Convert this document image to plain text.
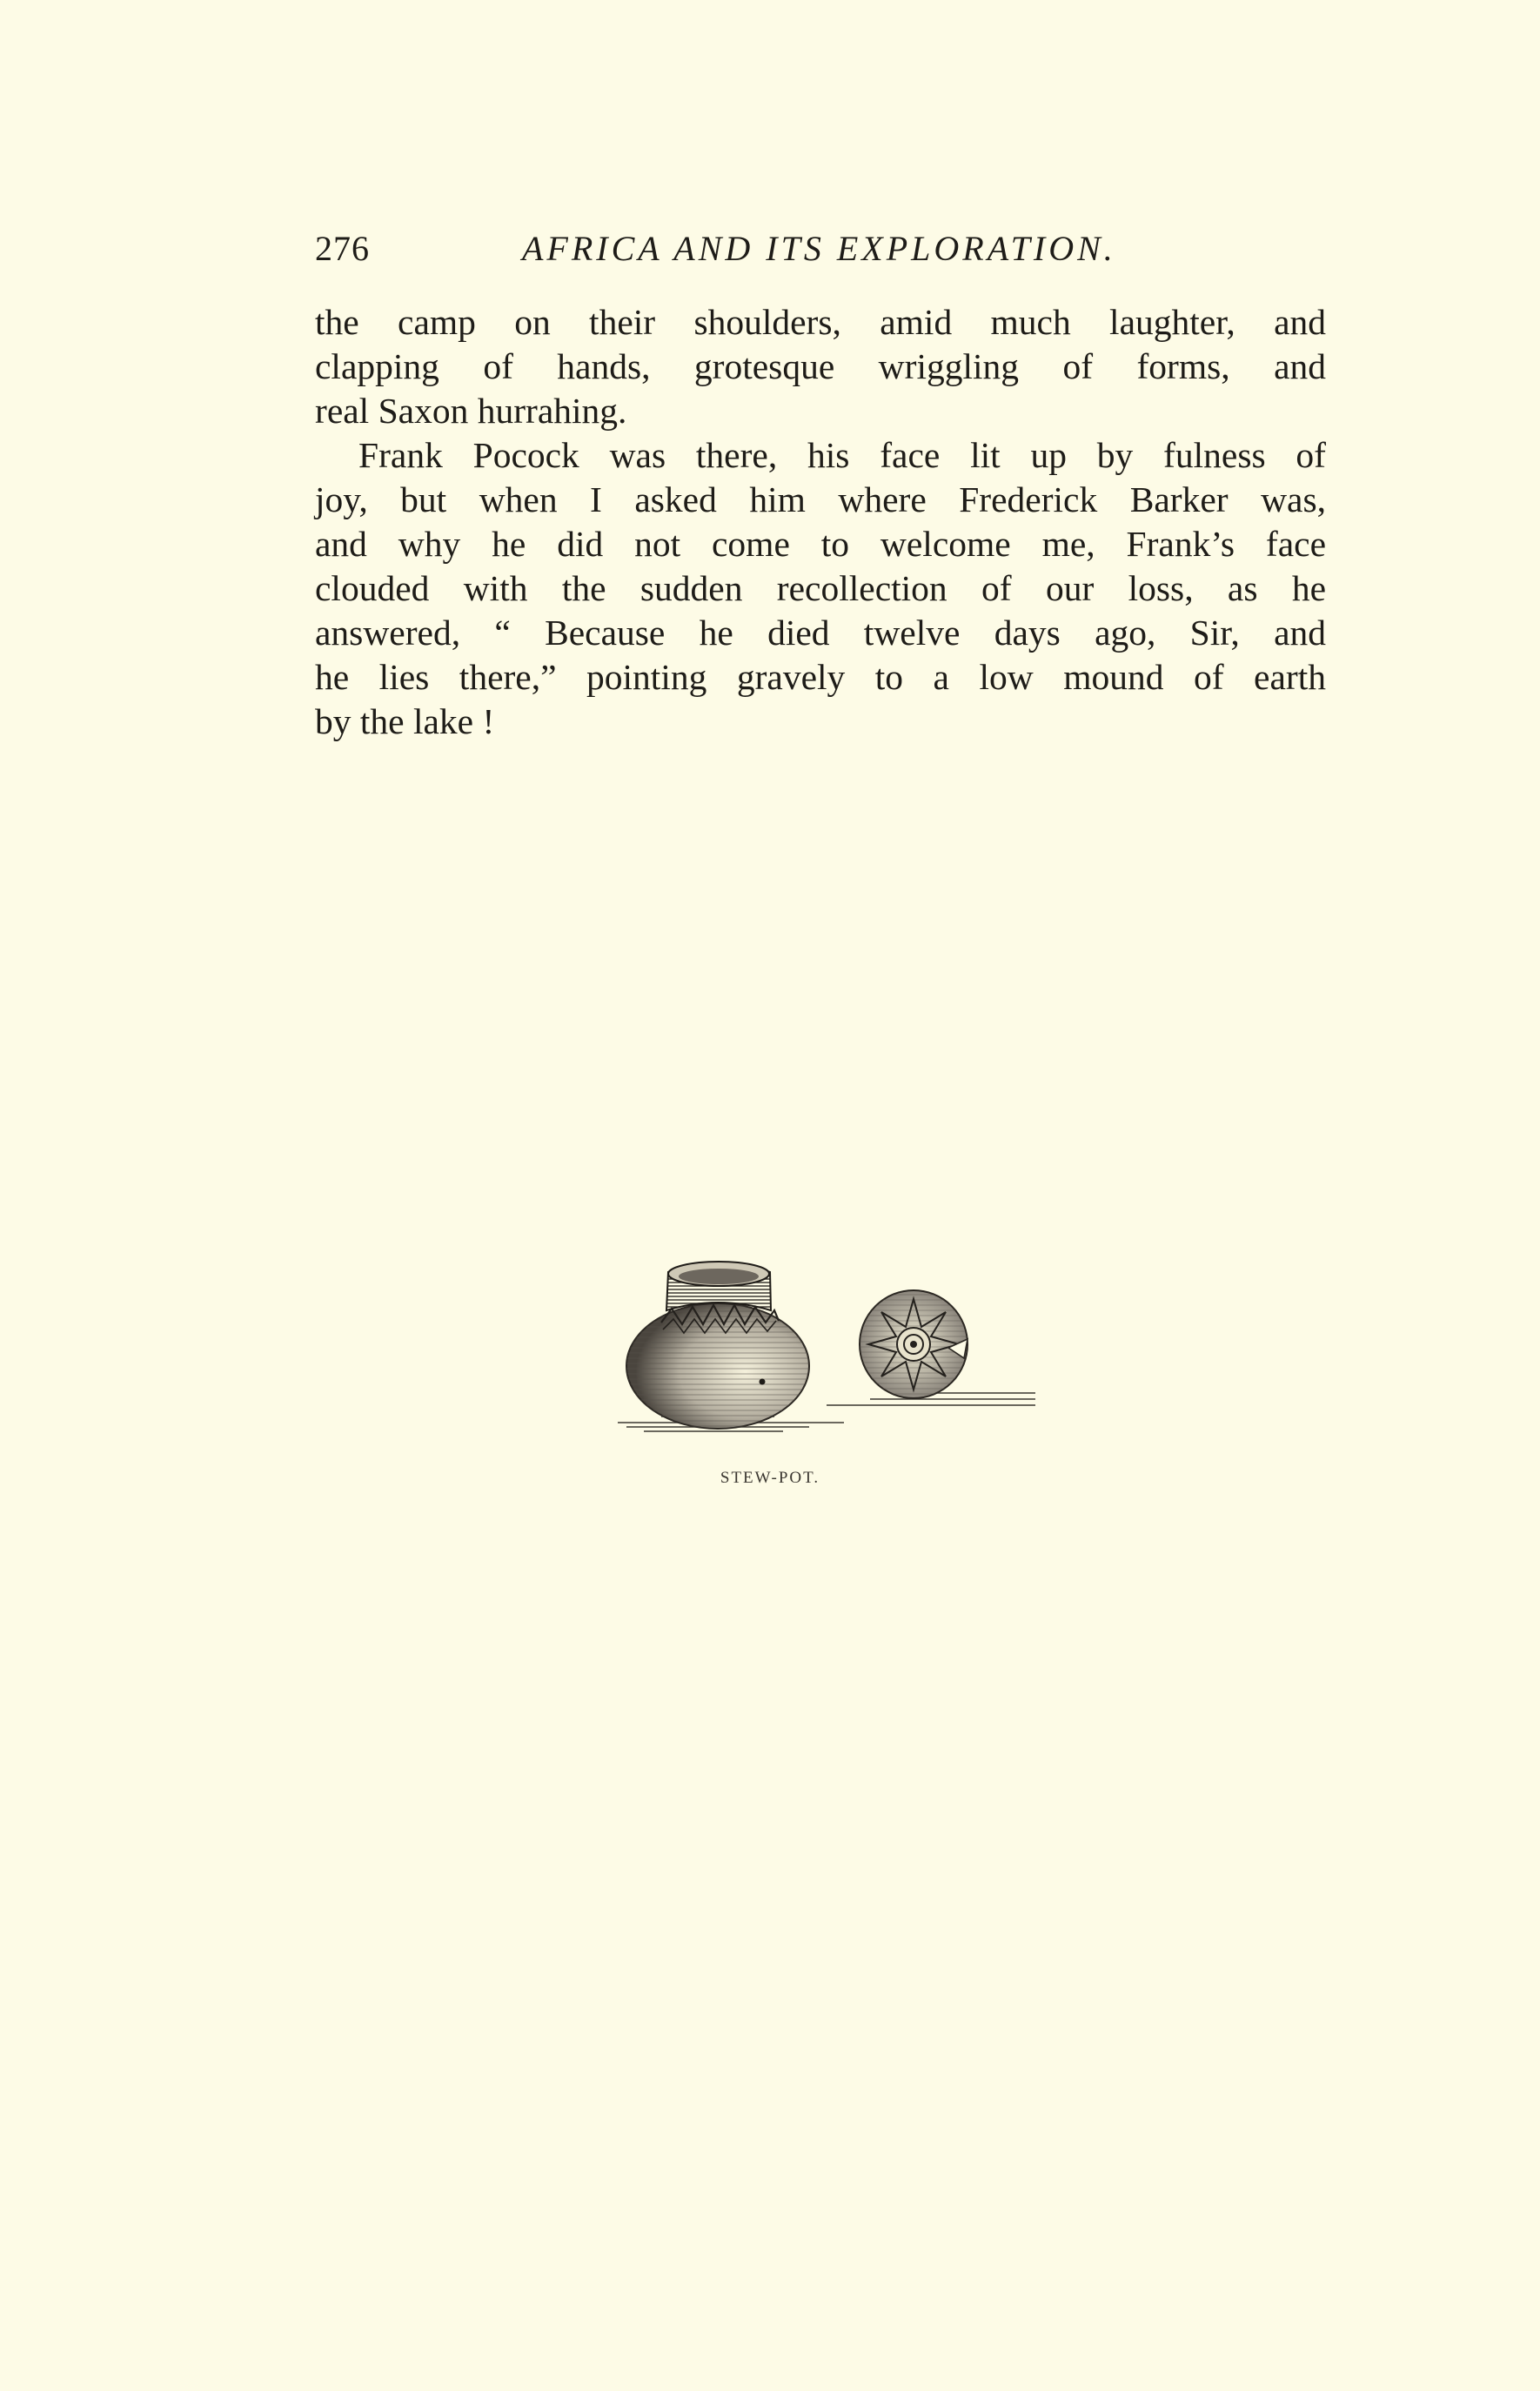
276	AFRICA AND ITS EXPLORATION.
the camp on their shoulders, amid much laughter, and
clapping of hands, grotesque wriggling of forms, and
real Saxon hurrahing.
Frank Pocock was there, his face lit up by fulness of
joy, but when I asked him where Frederick Barker was,
and why he did not come to welcome me, Frank’s face
clouded with the sudden recollection of our loss, as he
answered, “ Because he died twelve days ago, Sir, and
he lies there,” pointing gravely to a low mound of earth
by the lake !
STEW-POT.
